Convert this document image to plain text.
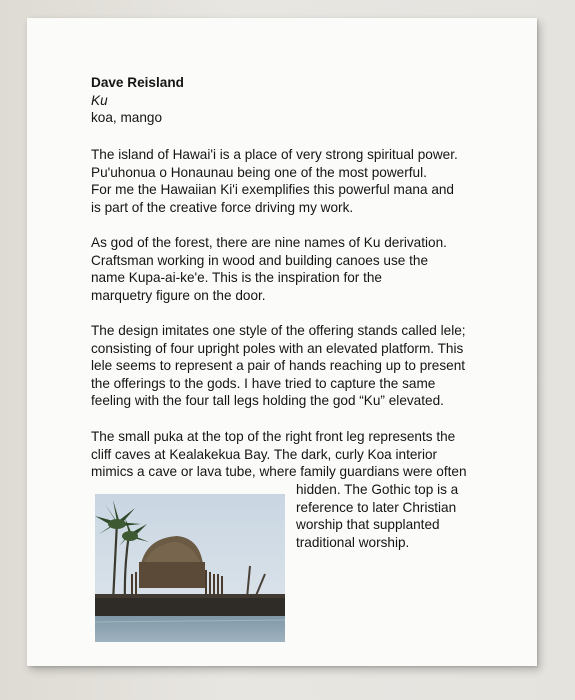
Dave Reisland
Ku
koa, mango
The island of Hawai'i is a place of very strong spiritual power.
Pu'uhonua o Honaunau being one of the most powerful.
For me the Hawaiian Ki'i exemplifies this powerful mana and
is part of the creative force driving my work.
As god of the forest, there are nine names of Ku derivation.
Craftsman working in wood and building canoes use the
name Kupa-ai-ke'e. This is the inspiration for the
marquetry figure on the door.
The design imitates one style of the offering stands called lele;
consisting of four upright poles with an elevated platform. This
lele seems to represent a pair of hands reaching up to present
the offerings to the gods. I have tried to capture the same
feeling with the four tall legs holding the god “Ku” elevated.
The small puka at the top of the right front leg represents the
cliff caves at Kealakekua Bay. The dark, curly Koa interior
mimics a cave or lava tube, where family guardians were often
hidden. The Gothic top is a
reference to later Christian
worship that supplanted
traditional worship.
